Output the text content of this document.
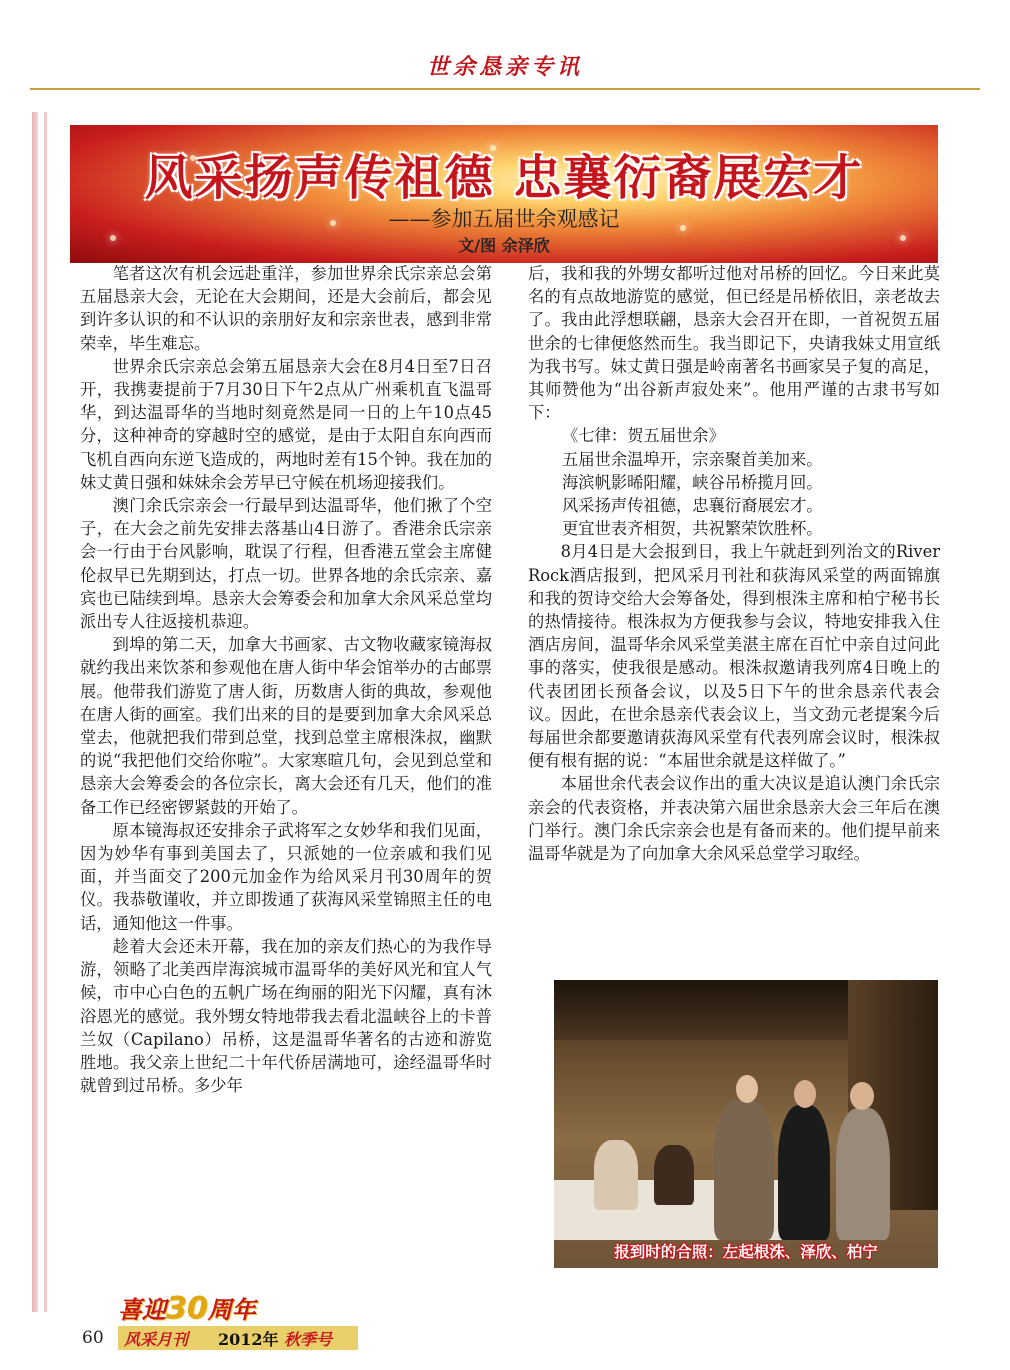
世余恳亲专讯
风采扬声传祖德 忠襄衍裔展宏才
——参加五届世余观感记
文/图 余泽欣

笔者这次有机会远赴重洋，参加世界余氏宗亲总会第五届恳亲大会，无论在大会期间，还是大会前后，都会见到许多认识的和不认识的亲朋好友和宗亲世表，感到非常荣幸，毕生难忘。

世界余氏宗亲总会第五届恳亲大会在8月4日至7日召开，我携妻提前于7月30日下午2点从广州乘机直飞温哥华，到达温哥华的当地时刻竟然是同一日的上午10点45分，这种神奇的穿越时空的感觉，是由于太阳自东向西而飞机自西向东逆飞造成的，两地时差有15个钟。我在加的妹丈黄日强和妹妹余会芳早已守候在机场迎接我们。

澳门余氏宗亲会一行最早到达温哥华，他们揪了个空子，在大会之前先安排去落基山4日游了。香港余氏宗亲会一行由于台风影响，耽误了行程，但香港五堂会主席健伦叔早已先期到达，打点一切。世界各地的余氏宗亲、嘉宾也已陆续到埠。恳亲大会筹委会和加拿大余风采总堂均派出专人往返接机恭迎。

到埠的第二天，加拿大书画家、古文物收藏家镜海叔就约我出来饮茶和参观他在唐人街中华会馆举办的古邮票展。他带我们游览了唐人街，历数唐人街的典故，参观他在唐人街的画室。我们出来的目的是要到加拿大余风采总堂去，他就把我们带到总堂，找到总堂主席根洙叔，幽默的说“我把他们交给你啦”。大家寒暄几句，会见到总堂和恳亲大会筹委会的各位宗长，离大会还有几天，他们的准备工作已经密锣紧鼓的开始了。

原本镜海叔还安排余子武将军之女妙华和我们见面，因为妙华有事到美国去了，只派她的一位亲戚和我们见面，并当面交了200元加金作为给风采月刊30周年的贺仪。我恭敬谨收，并立即拨通了荻海风采堂锦照主任的电话，通知他这一件事。

趁着大会还未开幕，我在加的亲友们热心的为我作导游，领略了北美西岸海滨城市温哥华的美好风光和宜人气候，市中心白色的五帆广场在绚丽的阳光下闪耀，真有沐浴恩光的感觉。我外甥女特地带我去看北温峡谷上的卡普兰奴（Capilano）吊桥，这是温哥华著名的古迹和游览胜地。我父亲上世纪二十年代侨居满地可，途经温哥华时就曾到过吊桥。多少年

后，我和我的外甥女都听过他对吊桥的回忆。今日来此莫名的有点故地游览的感觉，但已经是吊桥依旧，亲老故去了。我由此浮想联翩，恳亲大会召开在即，一首祝贺五届世余的七律便悠然而生。我当即记下，央请我妹丈用宣纸为我书写。妹丈黄日强是岭南著名书画家吴子复的高足，其师赞他为“出谷新声寂处来”。他用严谨的古隶书写如下：

《七律：贺五届世余》

五届世余温埠开，宗亲聚首美加来。

海滨帆影晞阳耀，峡谷吊桥揽月回。

风采扬声传祖德，忠襄衍裔展宏才。

更宜世表齐相贺，共祝繁荣饮胜杯。

8月4日是大会报到日，我上午就赶到列治文的River Rock酒店报到，把风采月刊社和荻海风采堂的两面锦旗和我的贺诗交给大会筹备处，得到根洙主席和柏宁秘书长的热情接待。根洙叔为方便我参与会议，特地安排我入住酒店房间，温哥华余风采堂美湛主席在百忙中亲自过问此事的落实，使我很是感动。根洙叔邀请我列席4日晚上的代表团团长预备会议，以及5日下午的世余恳亲代表会议。因此，在世余恳亲代表会议上，当文劲元老提案今后每届世余都要邀请荻海风采堂有代表列席会议时，根洙叔便有根有据的说：“本届世余就是这样做了。”

本届世余代表会议作出的重大决议是追认澳门余氏宗亲会的代表资格，并表决第六届世余恳亲大会三年后在澳门举行。澳门余氏宗亲会也是有备而来的。他们提早前来温哥华就是为了向加拿大余风采总堂学习取经。

报到时的合照：左起根洙、泽欣、柏宁
喜迎30周年
60 风采月刊 2012年 秋季号
